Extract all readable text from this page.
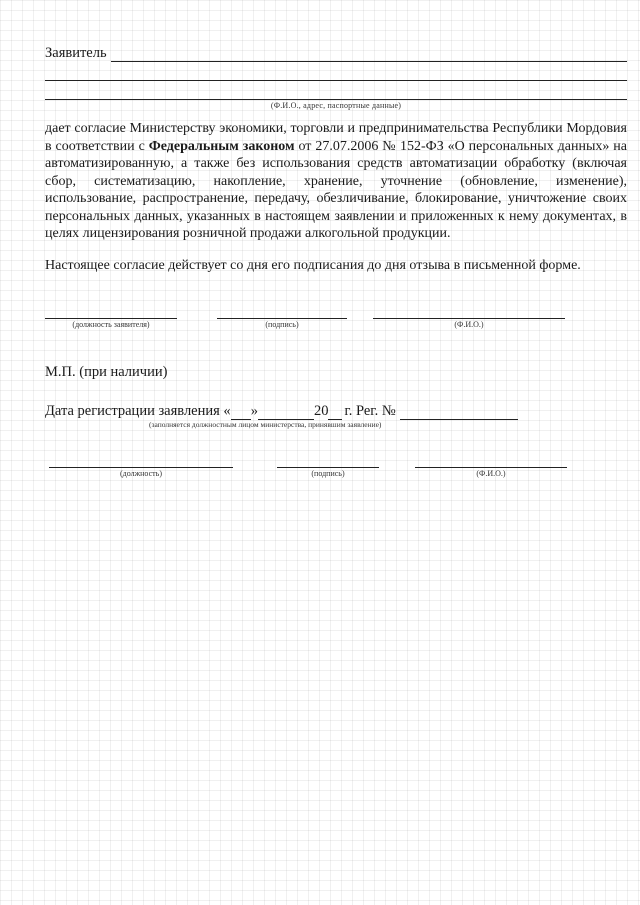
Заявитель
(Ф.И.О., адрес, паспортные данные)

дает согласие Министерству экономики, торговли и предпринимательства Республики Мордовия в соответствии с Федеральным законом от 27.07.2006 № 152-ФЗ «О персональных данных» на автоматизированную, а также без использования средств автоматизации обработку (включая сбор, систематизацию, накопление, хранение, уточнение (обновление, изменение), использование, распространение, передачу, обезличивание, блокирование, уничтожение своих персональных данных, указанных в настоящем заявлении и приложенных к нему документах, в целях лицензирования розничной продажи алкогольной продукции.

Настоящее согласие действует со дня его подписания до дня отзыва в письменной форме.

(должность заявителя)	(подпись)	(Ф.И.О.)
М.П. (при наличии)
Дата регистрации заявления « »	20 г. Рег. №
(заполняется должностным лицом министерства, принявшим заявление)
(должность)	(подпись)	(Ф.И.О.)
